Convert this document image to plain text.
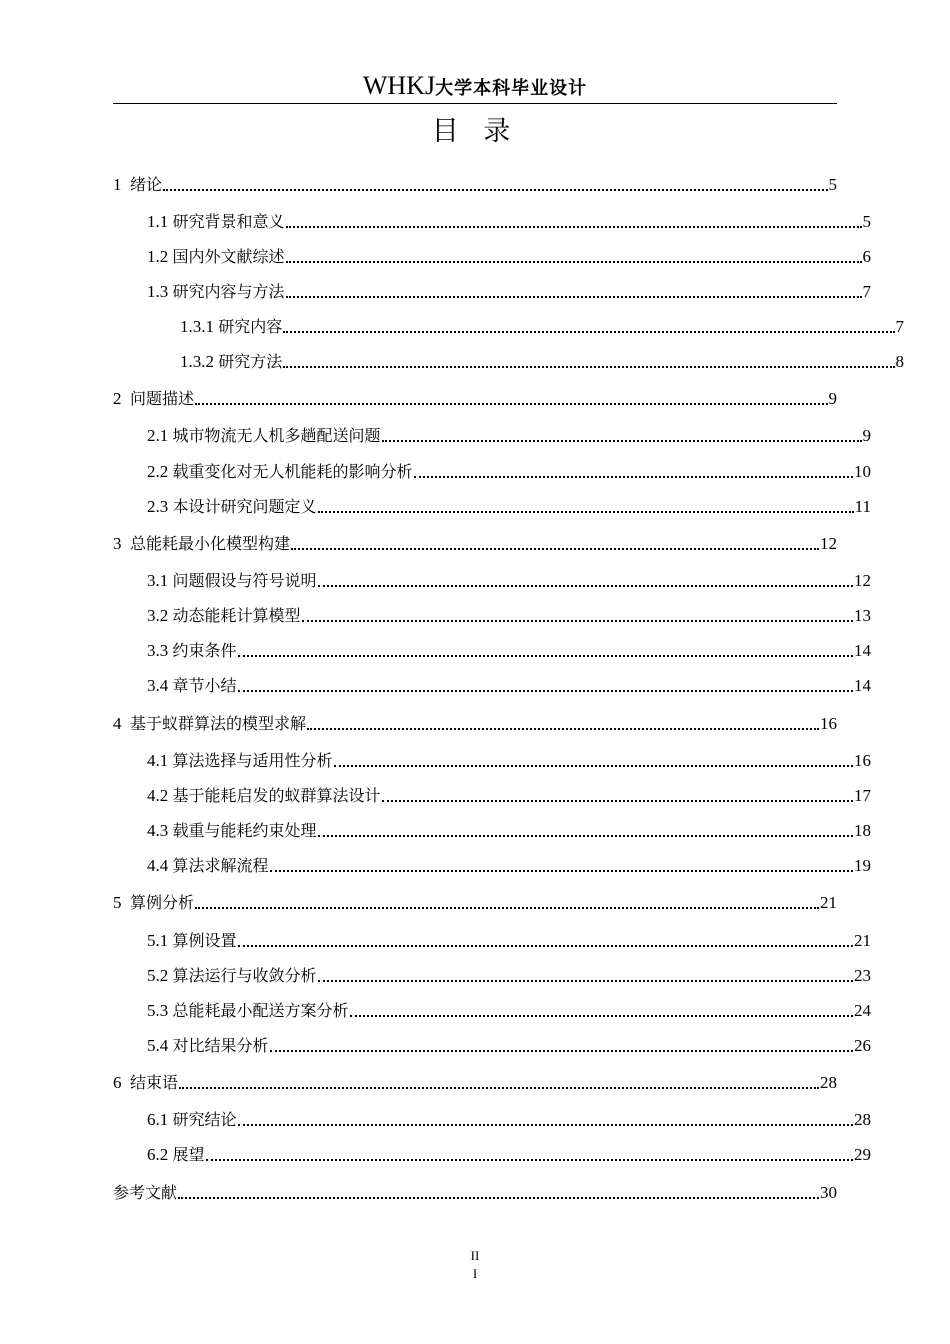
WHKJ大学本科毕业设计
目 录
1 绪论	5
1.1 研究背景和意义	5
1.2 国内外文献综述	6
1.3 研究内容与方法	7
1.3.1 研究内容	7
1.3.2 研究方法	8
2 问题描述	9
2.1 城市物流无人机多趟配送问题	9
2.2 载重变化对无人机能耗的影响分析	10
2.3 本设计研究问题定义	11
3 总能耗最小化模型构建	12
3.1 问题假设与符号说明	12
3.2 动态能耗计算模型	13
3.3 约束条件	14
3.4 章节小结	14
4 基于蚁群算法的模型求解	16
4.1 算法选择与适用性分析	16
4.2 基于能耗启发的蚁群算法设计	17
4.3 载重与能耗约束处理	18
4.4 算法求解流程	19
5 算例分析	21
5.1 算例设置	21
5.2 算法运行与收敛分析	23
5.3 总能耗最小配送方案分析	24
5.4 对比结果分析	26
6 结束语	28
6.1 研究结论	28
6.2 展望	29
参考文献	30
II
I
